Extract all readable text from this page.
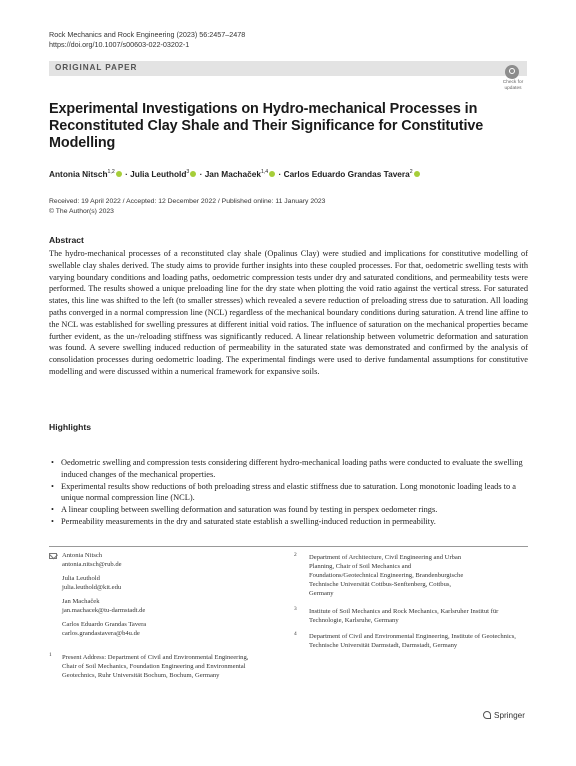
Rock Mechanics and Rock Engineering (2023) 56:2457–2478
https://doi.org/10.1007/s00603-022-03202-1
ORIGINAL PAPER
Check for
updates
Experimental Investigations on Hydro-mechanical Processes in Reconstituted Clay Shale and Their Significance for Constitutive Modelling
Antonia Nitsch$^{1,2}$ · Julia Leuthold$^3$ · Jan Machaček$^{1,4}$ · Carlos Eduardo Grandas Tavera$^2$
Received: 19 April 2022 / Accepted: 12 December 2022 / Published online: 11 January 2023
© The Author(s) 2023
Abstract
The hydro-mechanical processes of a reconstituted clay shale (Opalinus Clay) were studied and implications for constitutive modelling of swellable clay shales derived. The study aims to provide further insights into these coupled processes. For that, oedometric swelling tests with varying boundary conditions and loading paths, oedometric compression tests under dry and saturated conditions, and permeability tests were performed. The results showed a unique preloading line for the dry state when plotting the void ratio against the vertical stress. For saturated states, this line was shifted to the left (to smaller stresses) which revealed a severe reduction of preloading stress due to saturation. All loading paths converged in a normal compression line (NCL) regardless of the mechanical boundary conditions during saturation. A trend line affine to the NCL was established for swelling pressures at different initial void ratios. The influence of saturation on the mechanical properties became further evident, as the un-/reloading stiffness was significantly reduced. A linear relationship between volumetric deformation and saturation was found. A severe swelling induced reduction of permeability in the saturated state was demonstrated and confirmed by the analysis of consolidation processes during oedometric loading. The experimental findings were used to derive fundamental assumptions for constitutive modelling and were discussed within a numerical framework for expansive soils.
Highlights
• Oedometric swelling and compression tests considering different hydro-mechanical loading paths were conducted to evaluate the swelling induced changes of the mechanical properties.
• Experimental results show reductions of both preloading stress and elastic stiffness due to saturation. Long monotonic loading leads to a unique normal compression line (NCL).
• A linear coupling between swelling deformation and saturation was found by testing in perspex oedometer rings.
• Permeability measurements in the dry and saturated state establish a swelling-induced reduction in permeability.
Antonia Nitsch
antonia.nitsch@rub.de
Julia Leuthold
julia.leuthold@kit.edu
Jan Machaček
jan.machacek@tu-darmstadt.de
Carlos Eduardo Grandas Tavera
carlos.grandastavera@b4u.de
1	Present Address: Department of Civil and Environmental Engineering, Chair of Soil Mechanics, Foundation Engineering and Environmental Geotechnics, Ruhr Universität Bochum, Bochum, Germany
2	Department of Architecture, Civil Engineering and Urban Planning, Chair of Soil Mechanics and Foundations/Geotechnical Engineering, Brandenburgische Technische Universität Cottbus-Senftenberg, Cottbus, Germany
3	Institute of Soil Mechanics and Rock Mechanics, Karlsruher Institut für Technologie, Karlsruhe, Germany
4	Department of Civil and Environmental Engineering, Institute of Geotechnics, Technische Universität Darmstadt, Darmstadt, Germany
Springer
